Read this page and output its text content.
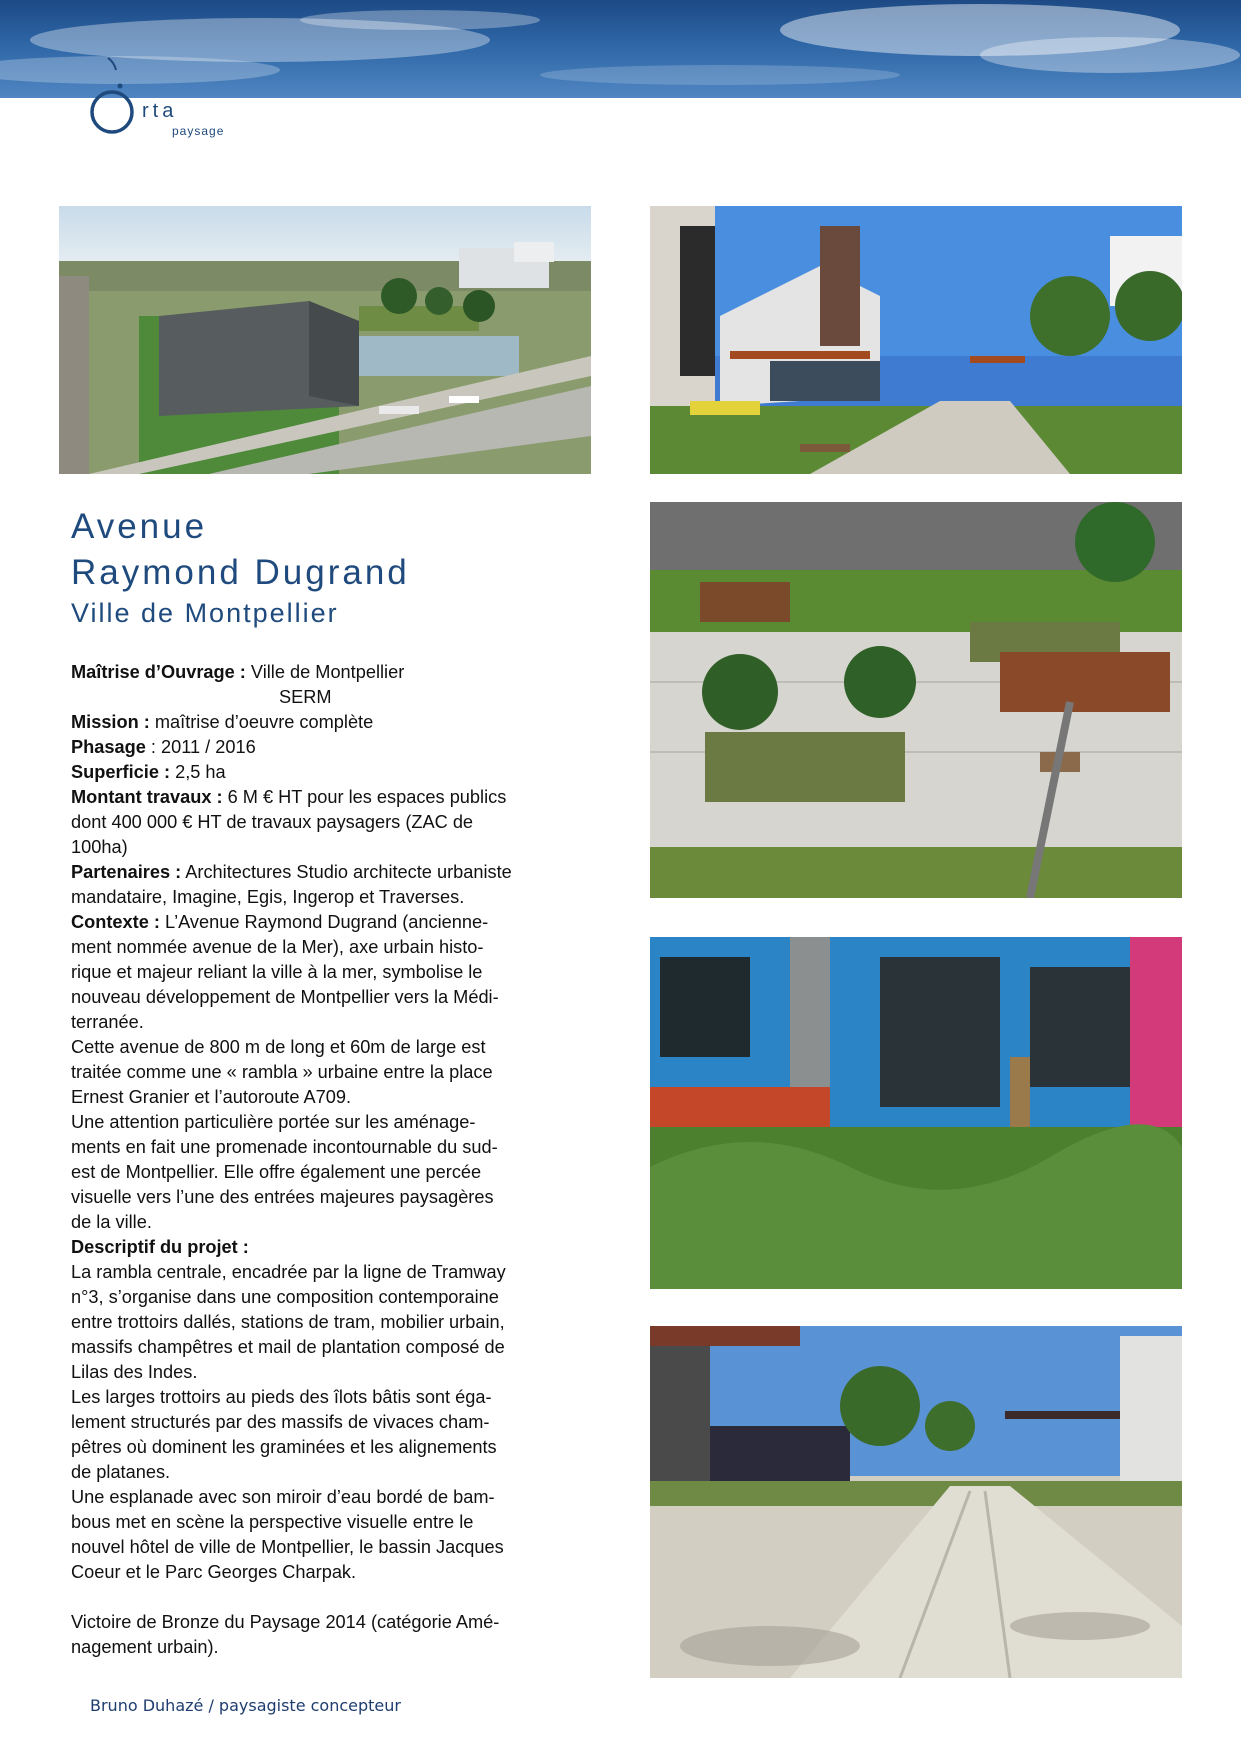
rta
paysage
Avenue
Raymond Dugrand
Ville de Montpellier

Maîtrise d’Ouvrage : Ville de Montpellier

SERM

Mission : maîtrise d’oeuvre complète

Phasage : 2011 / 2016

Superficie : 2,5 ha

Montant travaux : 6 M € HT pour les espaces publics

dont 400 000 € HT de travaux paysagers (ZAC de

100ha)

Partenaires : Architectures Studio architecte urbaniste

mandataire, Imagine, Egis, Ingerop et Traverses.

Contexte : L’Avenue Raymond Dugrand (ancienne-

ment nommée avenue de la Mer), axe urbain histo-

rique et majeur reliant la ville à la mer, symbolise le

nouveau développement de Montpellier vers la Médi-

terranée.

Cette avenue de 800 m de long et 60m de large est

traitée comme une « rambla » urbaine entre la place

Ernest Granier et l’autoroute A709.

Une attention particulière portée sur les aménage-

ments en fait une promenade incontournable du sud-

est de Montpellier. Elle offre également une percée

visuelle vers l’une des entrées majeures paysagères

de la ville.

Descriptif du projet :

La rambla centrale, encadrée par la ligne de Tramway

n°3, s’organise dans une composition contemporaine

entre trottoirs dallés, stations de tram, mobilier urbain,

massifs champêtres et mail de plantation composé de

Lilas des Indes.

Les larges trottoirs au pieds des îlots bâtis sont éga-

lement structurés par des massifs de vivaces cham-

pêtres où dominent les graminées et les alignements

de platanes.

Une esplanade avec son miroir d’eau bordé de bam-

bous met en scène la perspective visuelle entre le

nouvel hôtel de ville de Montpellier, le bassin Jacques

Coeur et le Parc Georges Charpak.

Victoire de Bronze du Paysage 2014 (catégorie Amé-

nagement urbain).

Bruno Duhazé / paysagiste concepteur
